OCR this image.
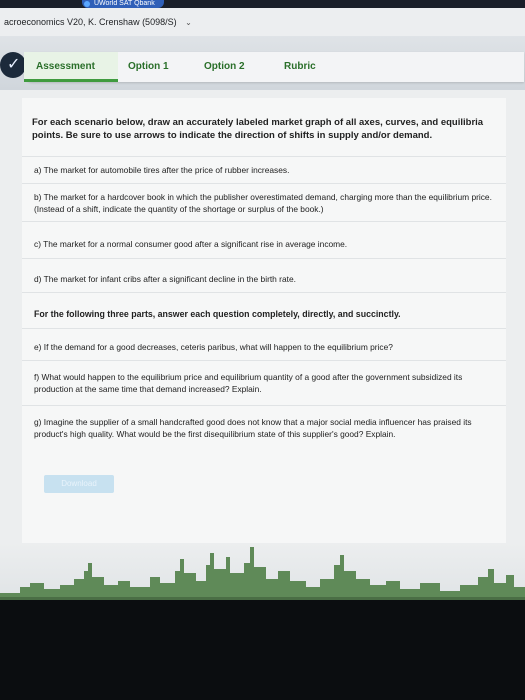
UWorld SAT Qbank
acroeconomics V20, K. Crenshaw (5098/S) ⌄
✓	Assessment	Option 1	Option 2	Rubric
For each scenario below, draw an accurately labeled market graph of all axes, curves, and equilibria points. Be sure to use arrows to indicate the direction of shifts in supply and/or demand.
a) The market for automobile tires after the price of rubber increases.
b) The market for a hardcover book in which the publisher overestimated demand, charging more than the equilibrium price. (Instead of a shift, indicate the quantity of the shortage or surplus of the book.)
c) The market for a normal consumer good after a significant rise in average income.
d) The market for infant cribs after a significant decline in the birth rate.
For the following three parts, answer each question completely, directly, and succinctly.
e) If the demand for a good decreases, ceteris paribus, what will happen to the equilibrium price?
f) What would happen to the equilibrium price and equilibrium quantity of a good after the government subsidized its production at the same time that demand increased? Explain.
g) Imagine the supplier of a small handcrafted good does not know that a major social media influencer has praised its product's high quality. What would be the first disequilibrium state of this supplier's good? Explain.
Download
